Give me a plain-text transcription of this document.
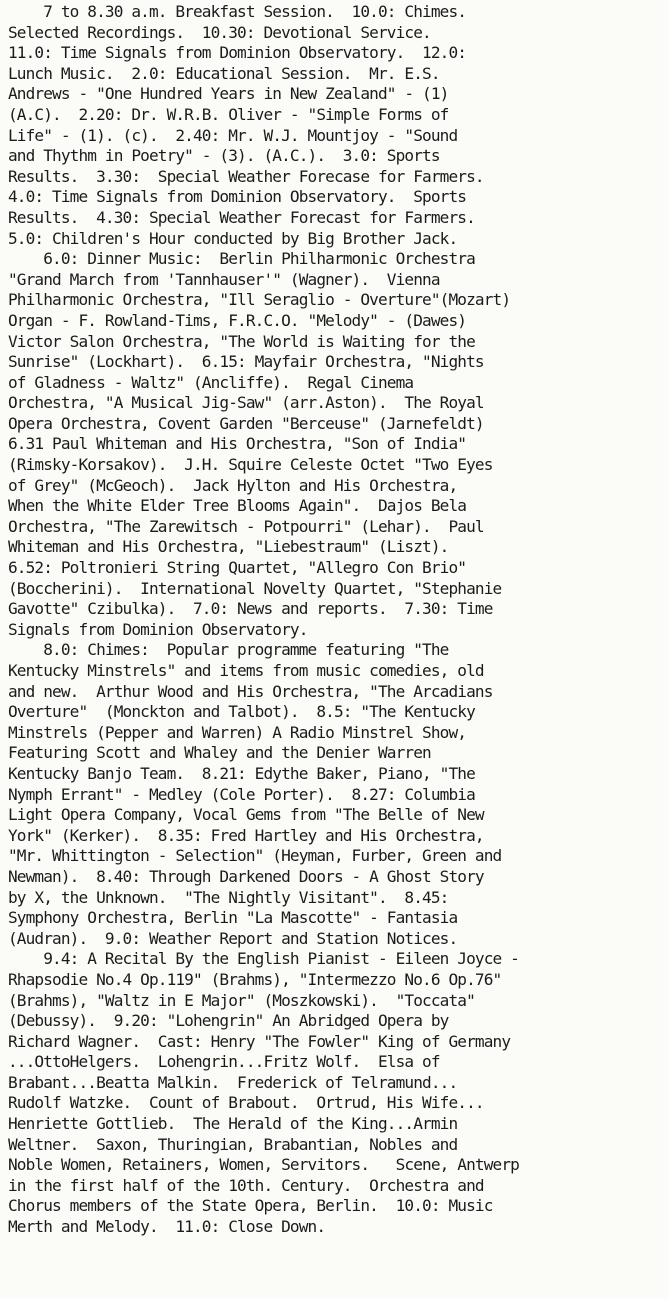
7 to 8.30 a.m. Breakfast Session.  10.0: Chimes.

Selected Recordings.  10.30: Devotional Service.

11.0: Time Signals from Dominion Observatory.  12.0:

Lunch Music.  2.0: Educational Session.  Mr. E.S.

Andrews - "One Hundred Years in New Zealand" - (1)

(A.C).  2.20: Dr. W.R.B. Oliver - "Simple Forms of

Life" - (1). (c).  2.40: Mr. W.J. Mountjoy - "Sound

and Thythm in Poetry" - (3). (A.C.).  3.0: Sports

Results.  3.30:  Special Weather Forecase for Farmers.

4.0: Time Signals from Dominion Observatory.  Sports

Results.  4.30: Special Weather Forecast for Farmers.

5.0: Children's Hour conducted by Big Brother Jack.

6.0: Dinner Music:  Berlin Philharmonic Orchestra

"Grand March from 'Tannhauser'" (Wagner).  Vienna

Philharmonic Orchestra, "Ill Seraglio - Overture"(Mozart)

Organ - F. Rowland-Tims, F.R.C.O. "Melody" - (Dawes)

Victor Salon Orchestra, "The World is Waiting for the

Sunrise" (Lockhart).  6.15: Mayfair Orchestra, "Nights

of Gladness - Waltz" (Ancliffe).  Regal Cinema

Orchestra, "A Musical Jig-Saw" (arr.Aston).  The Royal

Opera Orchestra, Covent Garden "Berceuse" (Jarnefeldt)

6.31 Paul Whiteman and His Orchestra, "Son of India"

(Rimsky-Korsakov).  J.H. Squire Celeste Octet "Two Eyes

of Grey" (McGeoch).  Jack Hylton and His Orchestra,

When the White Elder Tree Blooms Again".  Dajos Bela

Orchestra, "The Zarewitsch - Potpourri" (Lehar).  Paul

Whiteman and His Orchestra, "Liebestraum" (Liszt).

6.52: Poltronieri String Quartet, "Allegro Con Brio"

(Boccherini).  International Novelty Quartet, "Stephanie

Gavotte" Czibulka).  7.0: News and reports.  7.30: Time

Signals from Dominion Observatory.

8.0: Chimes:  Popular programme featuring "The

Kentucky Minstrels" and items from music comedies, old

and new.  Arthur Wood and His Orchestra, "The Arcadians

Overture"  (Monckton and Talbot).  8.5: "The Kentucky

Minstrels (Pepper and Warren) A Radio Minstrel Show,

Featuring Scott and Whaley and the Denier Warren

Kentucky Banjo Team.  8.21: Edythe Baker, Piano, "The

Nymph Errant" - Medley (Cole Porter).  8.27: Columbia

Light Opera Company, Vocal Gems from "The Belle of New

York" (Kerker).  8.35: Fred Hartley and His Orchestra,

"Mr. Whittington - Selection" (Heyman, Furber, Green and

Newman).  8.40: Through Darkened Doors - A Ghost Story

by X, the Unknown.  "The Nightly Visitant".  8.45:

Symphony Orchestra, Berlin "La Mascotte" - Fantasia

(Audran).  9.0: Weather Report and Station Notices.

9.4: A Recital By the English Pianist - Eileen Joyce -

Rhapsodie No.4 Op.119" (Brahms), "Intermezzo No.6 Op.76"

(Brahms), "Waltz in E Major" (Moszkowski).  "Toccata"

(Debussy).  9.20: "Lohengrin" An Abridged Opera by

Richard Wagner.  Cast: Henry "The Fowler" King of Germany

...OttoHelgers.  Lohengrin...Fritz Wolf.  Elsa of

Brabant...Beatta Malkin.  Frederick of Telramund...

Rudolf Watzke.  Count of Brabout.  Ortrud, His Wife...

Henriette Gottlieb.  The Herald of the King...Armin

Weltner.  Saxon, Thuringian, Brabantian, Nobles and

Noble Women, Retainers, Women, Servitors.   Scene, Antwerp

in the first half of the 10th. Century.  Orchestra and

Chorus members of the State Opera, Berlin.  10.0: Music

Merth and Melody.  11.0: Close Down.
